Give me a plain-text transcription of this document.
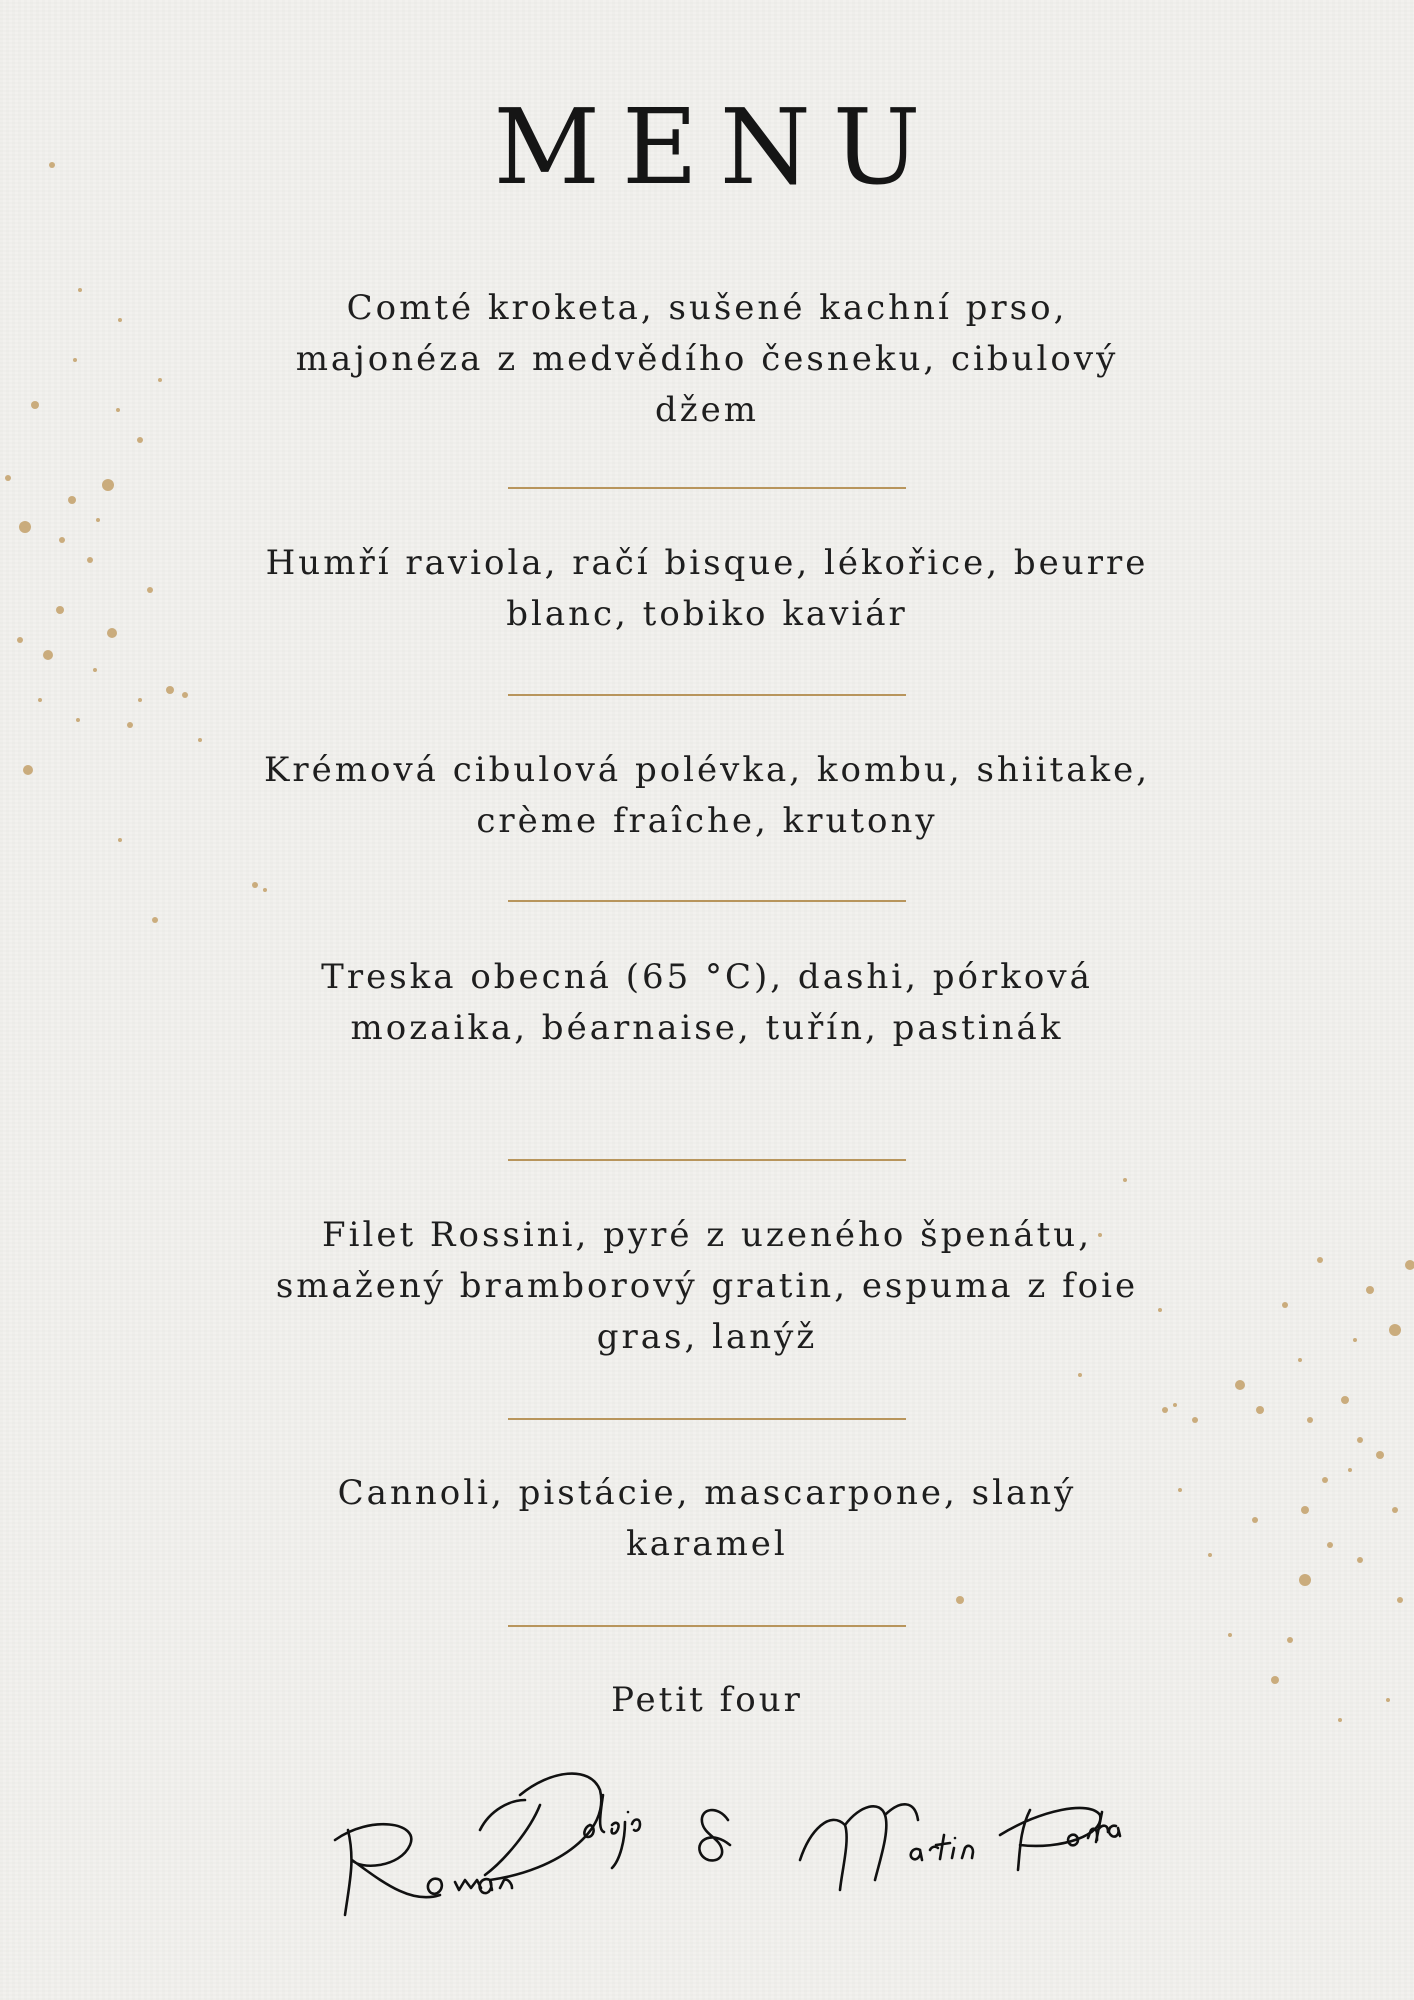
MENU
Comté kroketa, sušené kachní prso, majonéza z medvědího česneku, cibulový džem
Humří raviola, račí bisque, lékořice, beurre blanc, tobiko kaviár
Krémová cibulová polévka, kombu, shiitake, crème fraîche, krutony
Treska obecná (65 °C), dashi, pórková mozaika, béarnaise, tuřín, pastinák
Filet Rossini, pyré z uzeného špenátu, smažený bramborový gratin, espuma z foie gras, lanýž
Cannoli, pistácie, mascarpone, slaný karamel
Petit four
